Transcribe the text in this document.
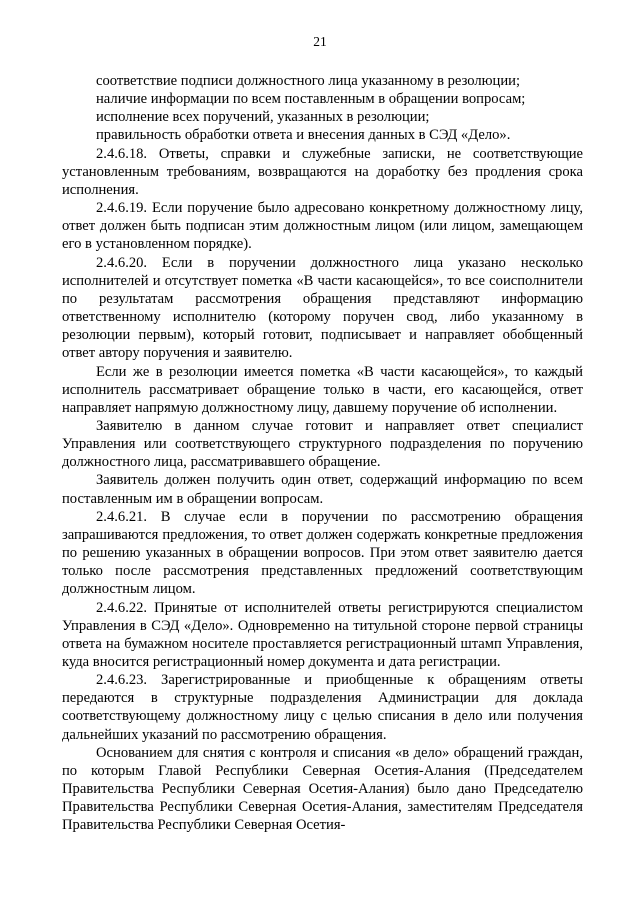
21

соответствие подписи должностного лица указанному в резолюции;

наличие информации по всем поставленным в обращении вопросам;

исполнение всех поручений, указанных в резолюции;

правильность обработки ответа и внесения данных в СЭД «Дело».

2.4.6.18. Ответы, справки и служебные записки, не соответствующие установленным требованиям, возвращаются на доработку без продления срока исполнения.

2.4.6.19. Если поручение было адресовано конкретному должностному лицу, ответ должен быть подписан этим должностным лицом (или лицом, замещающем его в установленном порядке).

2.4.6.20. Если в поручении должностного лица указано несколько исполнителей и отсутствует пометка «В части касающейся», то все соисполнители по результатам рассмотрения обращения представляют информацию ответственному исполнителю (которому поручен свод, либо указанному в резолюции первым), который готовит, подписывает и направляет обобщенный ответ автору поручения и заявителю.

Если же в резолюции имеется пометка «В части касающейся», то каждый исполнитель рассматривает обращение только в части, его касающейся, ответ направляет напрямую должностному лицу, давшему поручение об исполнении.

Заявителю в данном случае готовит и направляет ответ специалист Управления или соответствующего структурного подразделения по поручению должностного лица, рассматривавшего обращение.

Заявитель должен получить один ответ, содержащий информацию по всем поставленным им в обращении вопросам.

2.4.6.21. В случае если в поручении по рассмотрению обращения запрашиваются предложения, то ответ должен содержать конкретные предложения по решению указанных в обращении вопросов. При этом ответ заявителю дается только после рассмотрения представленных предложений соответствующим должностным лицом.

2.4.6.22. Принятые от исполнителей ответы регистрируются специалистом Управления в СЭД «Дело». Одновременно на титульной стороне первой страницы ответа на бумажном носителе проставляется регистрационный штамп Управления, куда вносится регистрационный номер документа и дата регистрации.

2.4.6.23. Зарегистрированные и приобщенные к обращениям ответы передаются в структурные подразделения Администрации для доклада соответствующему должностному лицу с целью списания в дело или получения дальнейших указаний по рассмотрению обращения.

Основанием для снятия с контроля и списания «в дело» обращений граждан, по которым Главой Республики Северная Осетия-Алания (Председателем Правительства Республики Северная Осетия-Алания) было дано Председателю Правительства Республики Северная Осетия-Алания, заместителям Председателя Правительства Республики Северная Осетия-
